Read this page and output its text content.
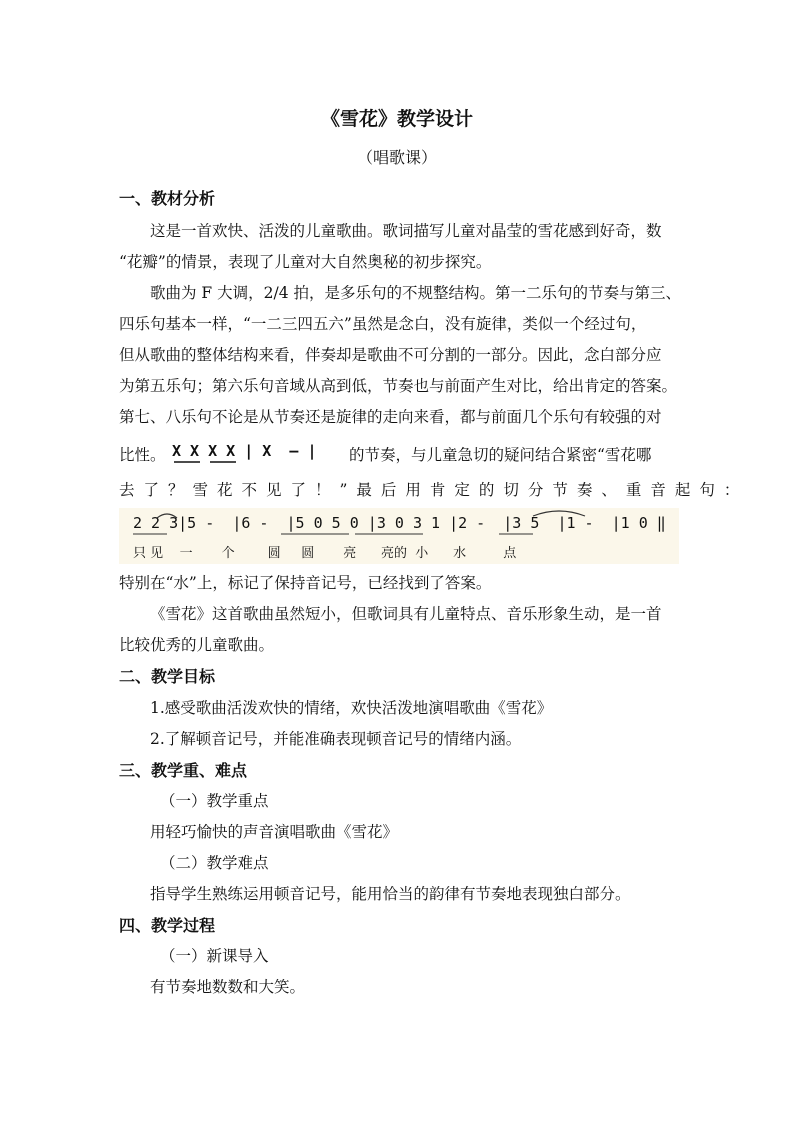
《雪花》教学设计
（唱歌课）
一、教材分析
这是一首欢快、活泼的儿童歌曲。歌词描写儿童对晶莹的雪花感到好奇，数
“花瓣”的情景，表现了儿童对大自然奥秘的初步探究。
歌曲为 F 大调，2/4 拍，是多乐句的不规整结构。第一二乐句的节奏与第三、
四乐句基本一样，“一二三四五六”虽然是念白，没有旋律，类似一个经过句，
但从歌曲的整体结构来看，伴奏却是歌曲不可分割的一部分。因此，念白部分应
为第五乐句；第六乐句音域从高到低，节奏也与前面产生对比，给出肯定的答案。
第七、八乐句不论是从节奏还是旋律的走向来看，都与前面几个乐句有较强的对
比性。 X X X X | X  – | 的节奏，与儿童急切的疑问结合紧密“雪花哪
去了？雪花不见了！”最后用肯定的切分节奏、重音起句：
2 2 3|5 -  |6 -  |5 0 5 0 |3 0 3 1 |2 -  |3 5  |1 -  |1 0 ‖
只 见    一       个        圆     圆       亮      亮的  小      水         点
特别在“水”上，标记了保持音记号，已经找到了答案。
《雪花》这首歌曲虽然短小，但歌词具有儿童特点、音乐形象生动，是一首
比较优秀的儿童歌曲。
二、教学目标
1.感受歌曲活泼欢快的情绪，欢快活泼地演唱歌曲《雪花》
2.了解顿音记号，并能准确表现顿音记号的情绪内涵。
三、教学重、难点
（一）教学重点
用轻巧愉快的声音演唱歌曲《雪花》
（二）教学难点
指导学生熟练运用顿音记号，能用恰当的韵律有节奏地表现独白部分。
四、教学过程
（一）新课导入
有节奏地数数和大笑。
